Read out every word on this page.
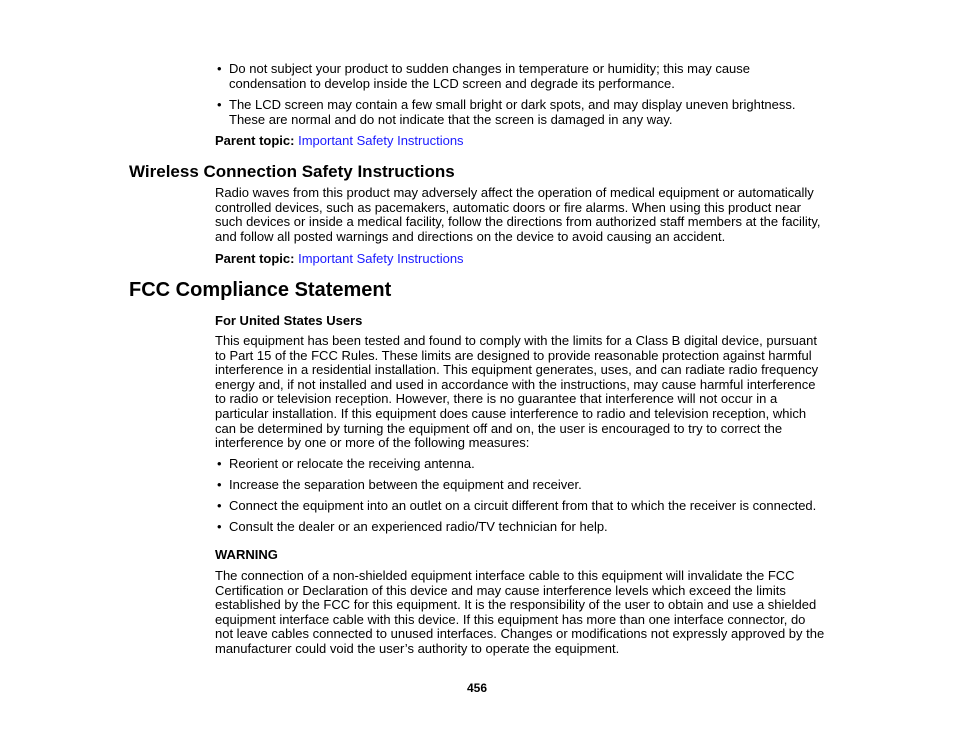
• Do not subject your product to sudden changes in temperature or humidity; this may cause condensation to develop inside the LCD screen and degrade its performance.
• The LCD screen may contain a few small bright or dark spots, and may display uneven brightness. These are normal and do not indicate that the screen is damaged in any way.
Parent topic: Important Safety Instructions
Wireless Connection Safety Instructions
Radio waves from this product may adversely affect the operation of medical equipment or automatically controlled devices, such as pacemakers, automatic doors or fire alarms. When using this product near such devices or inside a medical facility, follow the directions from authorized staff members at the facility, and follow all posted warnings and directions on the device to avoid causing an accident.
Parent topic: Important Safety Instructions
FCC Compliance Statement
For United States Users
This equipment has been tested and found to comply with the limits for a Class B digital device, pursuant to Part 15 of the FCC Rules. These limits are designed to provide reasonable protection against harmful interference in a residential installation. This equipment generates, uses, and can radiate radio frequency energy and, if not installed and used in accordance with the instructions, may cause harmful interference to radio or television reception. However, there is no guarantee that interference will not occur in a particular installation. If this equipment does cause interference to radio and television reception, which can be determined by turning the equipment off and on, the user is encouraged to try to correct the interference by one or more of the following measures:
• Reorient or relocate the receiving antenna.
• Increase the separation between the equipment and receiver.
• Connect the equipment into an outlet on a circuit different from that to which the receiver is connected.
• Consult the dealer or an experienced radio/TV technician for help.
WARNING
The connection of a non-shielded equipment interface cable to this equipment will invalidate the FCC Certification or Declaration of this device and may cause interference levels which exceed the limits established by the FCC for this equipment. It is the responsibility of the user to obtain and use a shielded equipment interface cable with this device. If this equipment has more than one interface connector, do not leave cables connected to unused interfaces. Changes or modifications not expressly approved by the manufacturer could void the user’s authority to operate the equipment.
456
